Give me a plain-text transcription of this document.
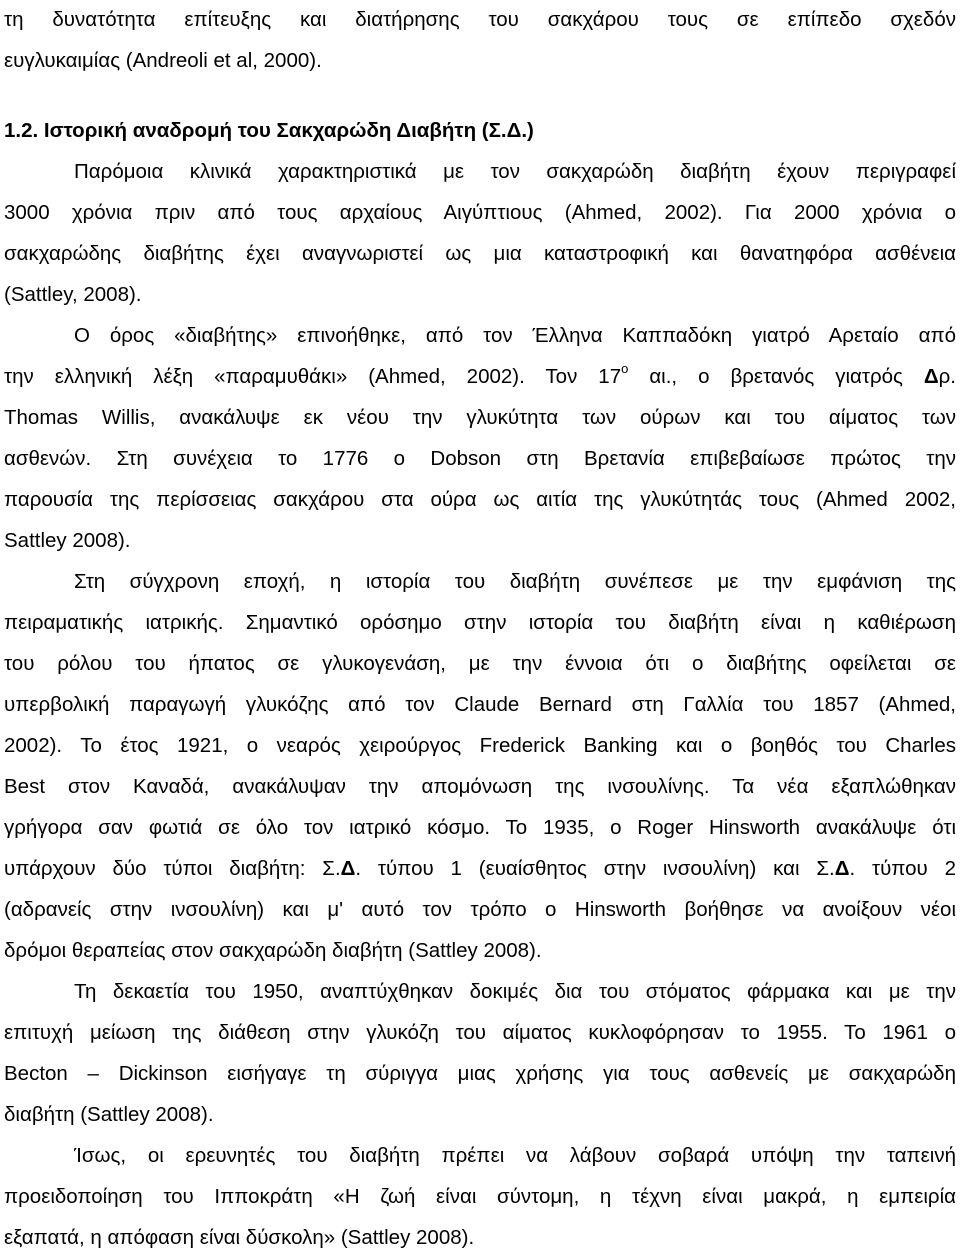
τη δυνατότητα επίτευξης και διατήρησης του σακχάρου τους σε επίπεδο σχεδόν
ευγλυκαιμίας (Andreoli et al, 2000).
1.2. Ιστορική αναδρομή του Σακχαρώδη Διαβήτη (Σ.Δ.)
Παρόμοια κλινικά χαρακτηριστικά με τον σακχαρώδη διαβήτη έχουν περιγραφεί
3000 χρόνια πριν από τους αρχαίους Αιγύπτιους (Ahmed, 2002). Για 2000 χρόνια ο
σακχαρώδης διαβήτης έχει αναγνωριστεί ως μια καταστροφική και θανατηφόρα ασθένεια
(Sattley, 2008).
Ο όρος «διαβήτης» επινοήθηκε, από τον Έλληνα Καππαδόκη γιατρό Αρεταίο από
την ελληνική λέξη «παραμυθάκι» (Ahmed, 2002). Τον $17^o$ αι., ο βρετανός γιατρός Δρ.
Thomas Willis, ανακάλυψε εκ νέου την γλυκύτητα των ούρων και του αίματος των
ασθενών. Στη συνέχεια το 1776 ο Dobson στη Βρετανία επιβεβαίωσε πρώτος την
παρουσία της περίσσειας σακχάρου στα ούρα ως αιτία της γλυκύτητάς τους (Ahmed 2002,
Sattley 2008).
Στη σύγχρονη εποχή, η ιστορία του διαβήτη συνέπεσε με την εμφάνιση της
πειραματικής ιατρικής. Σημαντικό ορόσημο στην ιστορία του διαβήτη είναι η καθιέρωση
του ρόλου του ήπατος σε γλυκογενάση, με την έννοια ότι ο διαβήτης οφείλεται σε
υπερβολική παραγωγή γλυκόζης από τον Claude Bernard στη Γαλλία του 1857 (Ahmed,
2002). Το έτος 1921, ο νεαρός χειρούργος Frederick Banking και ο βοηθός του Charles
Best στον Καναδά, ανακάλυψαν την απομόνωση της ινσουλίνης. Τα νέα εξαπλώθηκαν
γρήγορα σαν φωτιά σε όλο τον ιατρικό κόσμο. Το 1935, ο Roger Hinsworth ανακάλυψε ότι
υπάρχουν δύο τύποι διαβήτη: Σ.Δ. τύπου 1 (ευαίσθητος στην ινσουλίνη) και Σ.Δ. τύπου 2
(αδρανείς στην ινσουλίνη) και μ' αυτό τον τρόπο ο Hinsworth βοήθησε να ανοίξουν νέοι
δρόμοι θεραπείας στον σακχαρώδη διαβήτη (Sattley 2008).
Τη δεκαετία του 1950, αναπτύχθηκαν δοκιμές δια του στόματος φάρμακα και με την
επιτυχή μείωση της διάθεση στην γλυκόζη του αίματος κυκλοφόρησαν το 1955. Το 1961 ο
Becton – Dickinson εισήγαγε τη σύριγγα μιας χρήσης για τους ασθενείς με σακχαρώδη
διαβήτη (Sattley 2008).
Ίσως, οι ερευνητές του διαβήτη πρέπει να λάβουν σοβαρά υπόψη την ταπεινή
προειδοποίηση του Ιπποκράτη «Η ζωή είναι σύντομη, η τέχνη είναι μακρά, η εμπειρία
εξαπατά, η απόφαση είναι δύσκολη» (Sattley 2008).
